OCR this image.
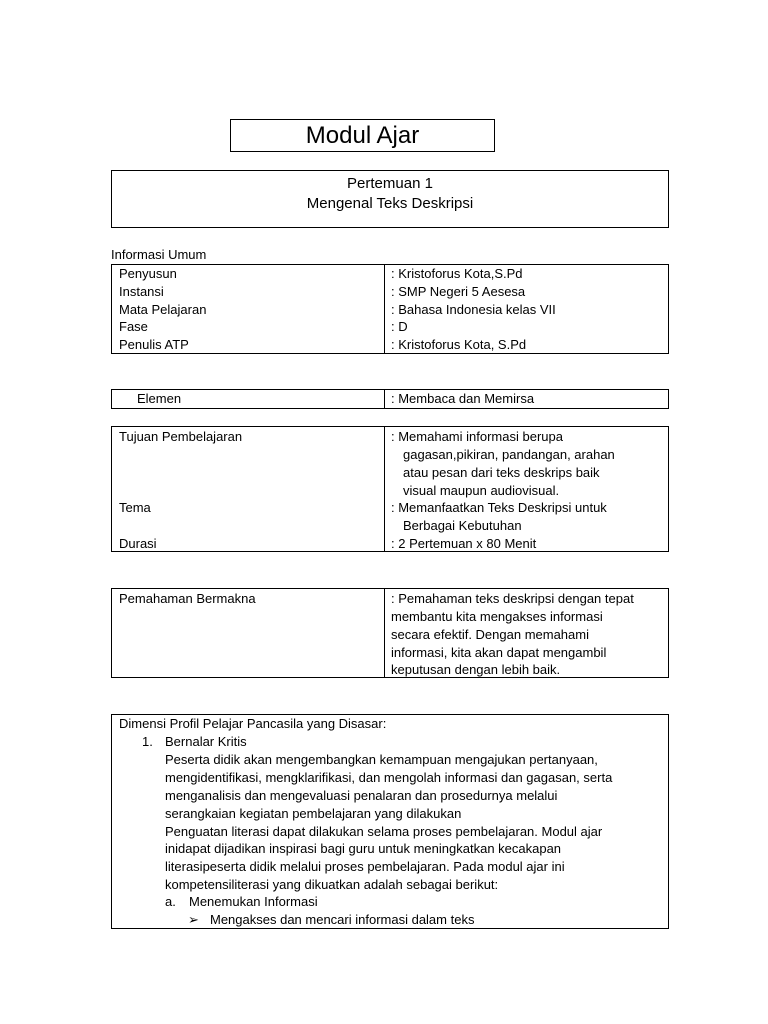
Modul Ajar
Pertemuan 1
Mengenal Teks Deskripsi
Informasi Umum
Penyusun	: Kristoforus Kota,S.Pd
Instansi	: SMP Negeri 5 Aesesa
Mata Pelajaran	: Bahasa Indonesia kelas VII
Fase	: D
Penulis ATP	: Kristoforus Kota, S.Pd
Elemen	: Membaca dan Memirsa
Tujuan Pembelajaran	: Memahami informasi berupa
gagasan,pikiran, pandangan, arahan
atau pesan dari teks deskrips baik
visual maupun audiovisual.
Tema	: Memanfaatkan Teks Deskripsi untuk
Berbagai Kebutuhan
Durasi	: 2 Pertemuan x 80 Menit
Pemahaman Bermakna	: Pemahaman teks deskripsi dengan tepat
membantu kita mengakses informasi
secara efektif. Dengan memahami
informasi, kita akan dapat mengambil
keputusan dengan lebih baik.
Dimensi Profil Pelajar Pancasila yang Disasar:
1. Bernalar Kritis
Peserta didik akan mengembangkan kemampuan mengajukan pertanyaan,
mengidentifikasi, mengklarifikasi, dan mengolah informasi dan gagasan, serta
menganalisis dan mengevaluasi penalaran dan prosedurnya melalui
serangkaian kegiatan pembelajaran yang dilakukan
Penguatan literasi dapat dilakukan selama proses pembelajaran. Modul ajar
inidapat dijadikan inspirasi bagi guru untuk meningkatkan kecakapan
literasipeserta didik melalui proses pembelajaran. Pada modul ajar ini
kompetensiliterasi yang dikuatkan adalah sebagai berikut:
a. Menemukan Informasi
➢ Mengakses dan mencari informasi dalam teks
